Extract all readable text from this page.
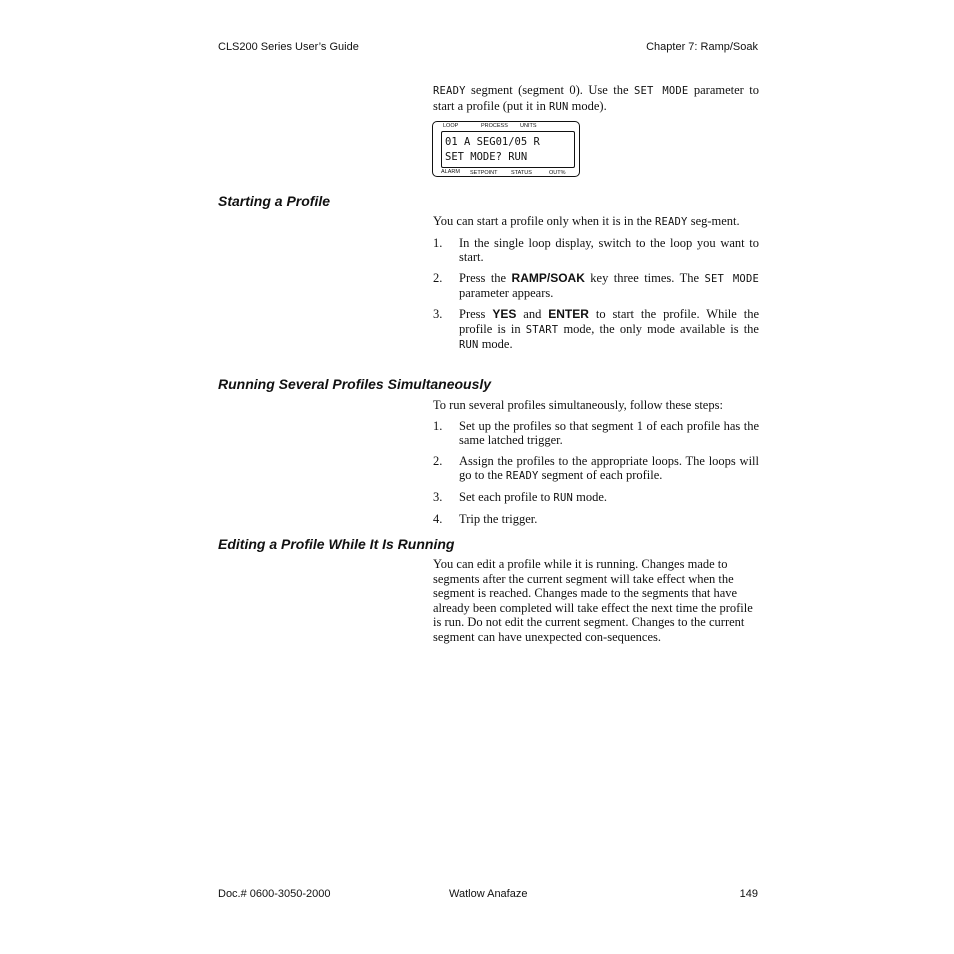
CLS200 Series User’s Guide	Chapter 7: Ramp/Soak

READY segment (segment 0). Use the SET MODE parameter to start a profile (put it in RUN mode).

LOOP	PROCESS UNITS
01 A SEG01/05 R
SET MODE? RUN
ALARM SETPOINT STATUS	OUT%
Starting a Profile

You can start a profile only when it is in the READY seg-ment.

1. In the single loop display, switch to the loop you want to start.
2. Press the RAMP/SOAK key three times. The SET MODE parameter appears.
3. Press YES and ENTER to start the profile. While the profile is in START mode, the only mode available is the RUN mode.
Running Several Profiles Simultaneously

To run several profiles simultaneously, follow these steps:

1. Set up the profiles so that segment 1 of each profile has the same latched trigger.
2. Assign the profiles to the appropriate loops. The loops will go to the READY segment of each profile.
3. Set each profile to RUN mode.
4. Trip the trigger.
Editing a Profile While It Is Running

You can edit a profile while it is running. Changes made to segments after the current segment will take effect when the segment is reached. Changes made to the segments that have already been completed will take effect the next time the profile is run. Do not edit the current segment. Changes to the current segment can have unexpected con-sequences.

Doc.# 0600-3050-2000	Watlow Anafaze	149
